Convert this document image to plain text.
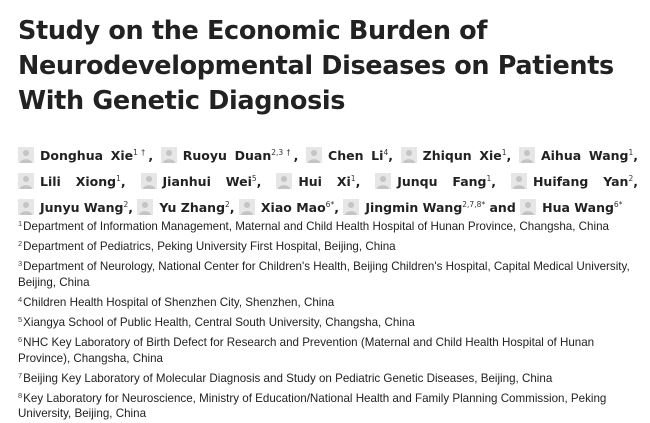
Study on the Economic Burden of
Neurodevelopmental Diseases on Patients
With Genetic Diagnosis
Donghua Xie$^{1\dagger}$, Ruoyu Duan$^{2,3\dagger}$, Chen Li$^4$, Zhiqun Xie$^1$, Aihua Wang$^1$,
Lili Xiong$^1$,	Jianhui Wei$^5$,	Hui Xi$^1$,	Junqu Fang$^1$,	Huifang Yan$^2$,
Junyu Wang$^2$, Yu Zhang$^2$, Xiao Mao$^{6*}$, Jingmin Wang$^{2,7,8*}$ and Hua Wang$^{6*}$
$^1$Department of Information Management, Maternal and Child Health Hospital of Hunan Province, Changsha, China
$^2$Department of Pediatrics, Peking University First Hospital, Beijing, China
$^3$Department of Neurology, National Center for Children's Health, Beijing Children's Hospital, Capital Medical University, Beijing, China
$^4$Children Health Hospital of Shenzhen City, Shenzhen, China
$^5$Xiangya School of Public Health, Central South University, Changsha, China
$^6$NHC Key Laboratory of Birth Defect for Research and Prevention (Maternal and Child Health Hospital of Hunan Province), Changsha, China
$^7$Beijing Key Laboratory of Molecular Diagnosis and Study on Pediatric Genetic Diseases, Beijing, China
$^8$Key Laboratory for Neuroscience, Ministry of Education/National Health and Family Planning Commission, Peking University, Beijing, China
